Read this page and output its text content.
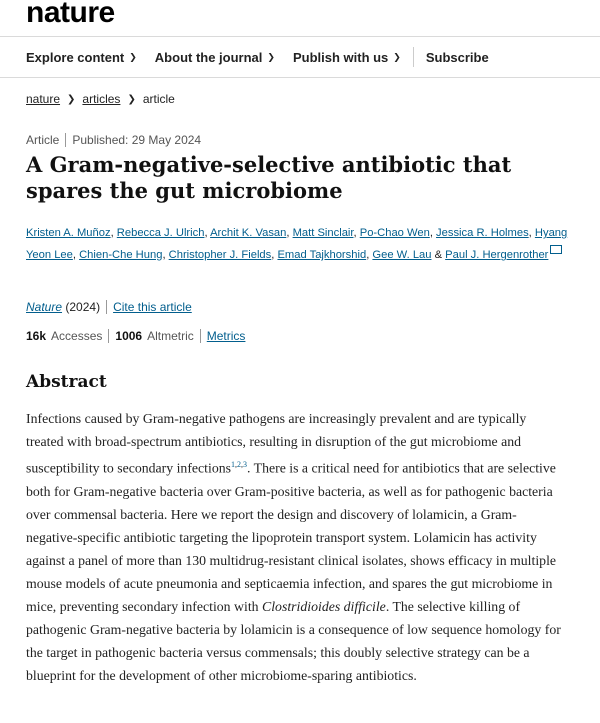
nature
Explore content ❯ About the journal ❯ Publish with us ❯ Subscribe
nature ❯ articles ❯ article
Article Published: 29 May 2024
A Gram-negative-selective antibiotic that spares the gut microbiome
Kristen A. Muñoz, Rebecca J. Ulrich, Archit K. Vasan, Matt Sinclair, Po-Chao Wen, Jessica R. Holmes, Hyang Yeon Lee, Chien-Che Hung, Christopher J. Fields, Emad Tajkhorshid, Gee W. Lau & Paul J. Hergenrother
Nature
(2024) Cite this article
16k Accesses 1006 Altmetric Metrics
Abstract

Infections caused by Gram-negative pathogens are increasingly prevalent and are typically treated with broad-spectrum antibiotics, resulting in disruption of the gut microbiome and susceptibility to secondary infections$^{1,2,3}$. There is a critical need for antibiotics that are selective both for Gram-negative bacteria over Gram-positive bacteria, as well as for pathogenic bacteria over commensal bacteria. Here we report the design and discovery of lolamicin, a Gram-negative-specific antibiotic targeting the lipoprotein transport system. Lolamicin has activity against a panel of more than 130 multidrug-resistant clinical isolates, shows efficacy in multiple mouse models of acute pneumonia and septicaemia infection, and spares the gut microbiome in mice, preventing secondary infection with Clostridioides difficile. The selective killing of pathogenic Gram-negative bacteria by lolamicin is a consequence of low sequence homology for the target in pathogenic bacteria versus commensals; this doubly selective strategy can be a blueprint for the development of other microbiome-sparing antibiotics.
